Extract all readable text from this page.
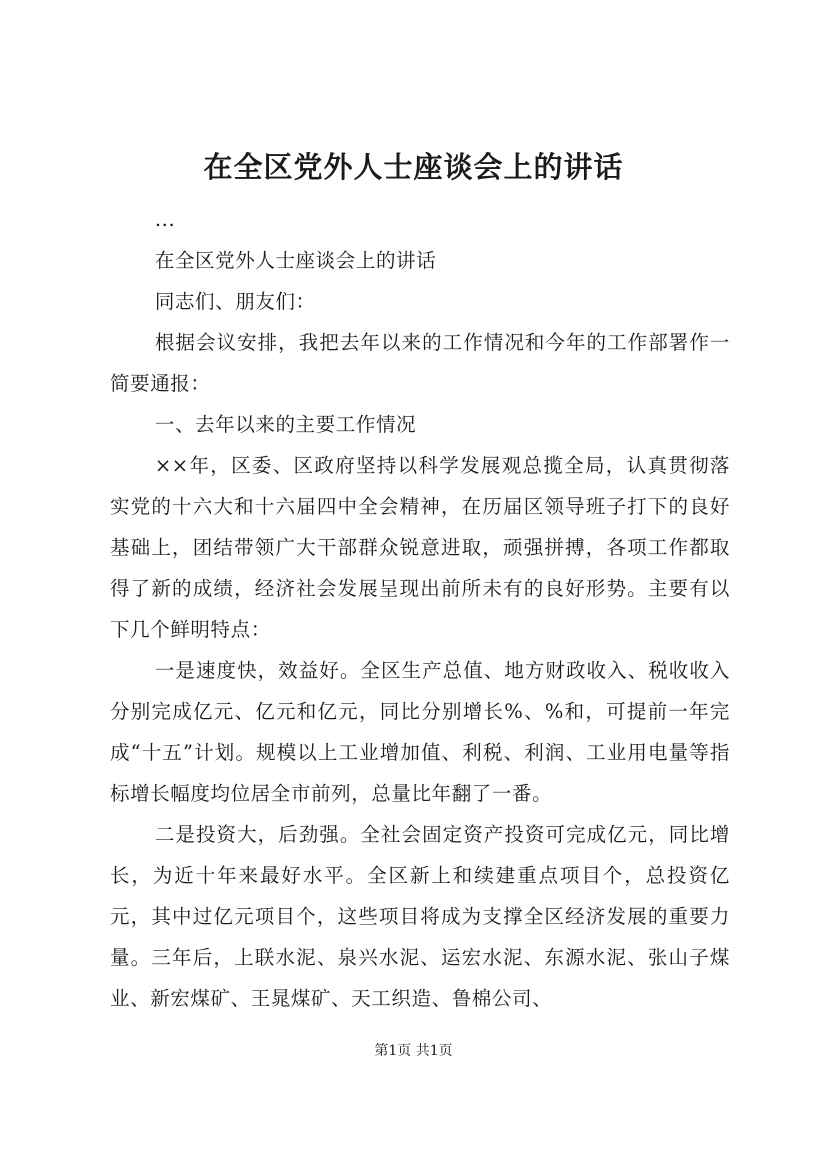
在全区党外人士座谈会上的讲话

...

在全区党外人士座谈会上的讲话

同志们、朋友们：

根据会议安排，我把去年以来的工作情况和今年的工作部署作一简要通报：

一、去年以来的主要工作情况

××年，区委、区政府坚持以科学发展观总揽全局，认真贯彻落实党的十六大和十六届四中全会精神，在历届区领导班子打下的良好基础上，团结带领广大干部群众锐意进取，顽强拼搏，各项工作都取得了新的成绩，经济社会发展呈现出前所未有的良好形势。主要有以下几个鲜明特点：

一是速度快，效益好。全区生产总值、地方财政收入、税收收入分别完成亿元、亿元和亿元，同比分别增长%、%和，可提前一年完成“十五”计划。规模以上工业增加值、利税、利润、工业用电量等指标增长幅度均位居全市前列，总量比年翻了一番。

二是投资大，后劲强。全社会固定资产投资可完成亿元，同比增长，为近十年来最好水平。全区新上和续建重点项目个，总投资亿元，其中过亿元项目个，这些项目将成为支撑全区经济发展的重要力量。三年后，上联水泥、泉兴水泥、运宏水泥、东源水泥、张山子煤业、新宏煤矿、王晁煤矿、天工织造、鲁棉公司、

第1页 共1页
